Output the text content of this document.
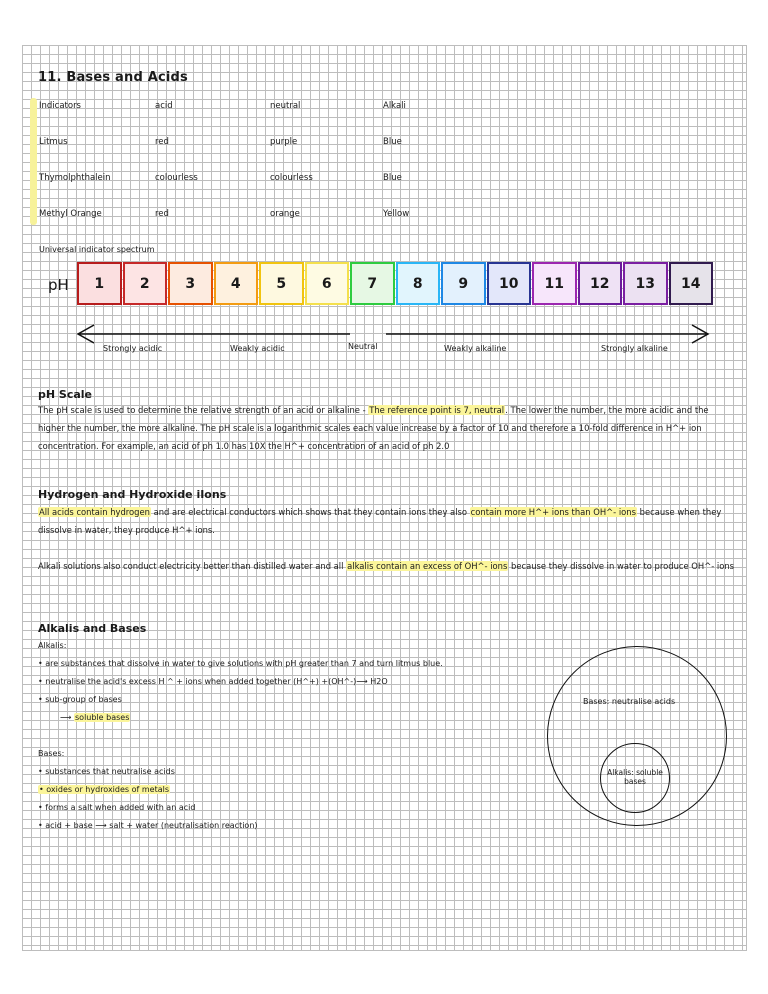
11. Bases and Acids
Indicators	acid	neutral	Alkali
Litmus	red	purple	Blue
Thymolphthalein	colourless	colourless	Blue
Methyl Orange	red	orange	Yellow
Universal indicator spectrum
pH	1	2	3	4	5	6	7	8	9	10	11	12	13	14
Strongly acidic	Weakly acidic	Neutral	Weakly alkaline	Strongly alkaline
pH Scale
The pH scale is used to determine the relative strength of an acid or alkaline - The reference point is 7, neutral. The lower the number, the more acidic and the higher the number, the more alkaline. The pH scale is a logarithmic scales each value increase by a factor of 10 and therefore a 10-fold difference in H^+ ion concentration. For example, an acid of ph 1.0 has 10X the H^+ concentration of an acid of ph 2.0
Hydrogen and Hydroxide iIons
All acids contain hydrogen and are electrical conductors which shows that they contain ions they also contain more H^+ ions than OH^- ions because when they dissolve in water, they produce H^+ ions.
Alkali solutions also conduct electricity better than distilled water and all alkalis contain an excess of OH^- ions because they dissolve in water to produce OH^- ions
Alkalis and Bases
Alkalis:
• are substances that dissolve in water to give solutions with pH greater than 7 and turn litmus blue.
• neutralise the acid's excess H ^ + ions when added together (H^+) +(OH^-)⟶ H2O
• sub-group of bases
⟶ soluble bases
Bases:
• substances that neutralise acids
• oxides or hydroxides of metals
• forms a salt when added with an acid
• acid + base ⟶ salt + water (neutralisation reaction)
Bases: neutralise acids
Alkalis: soluble
bases
